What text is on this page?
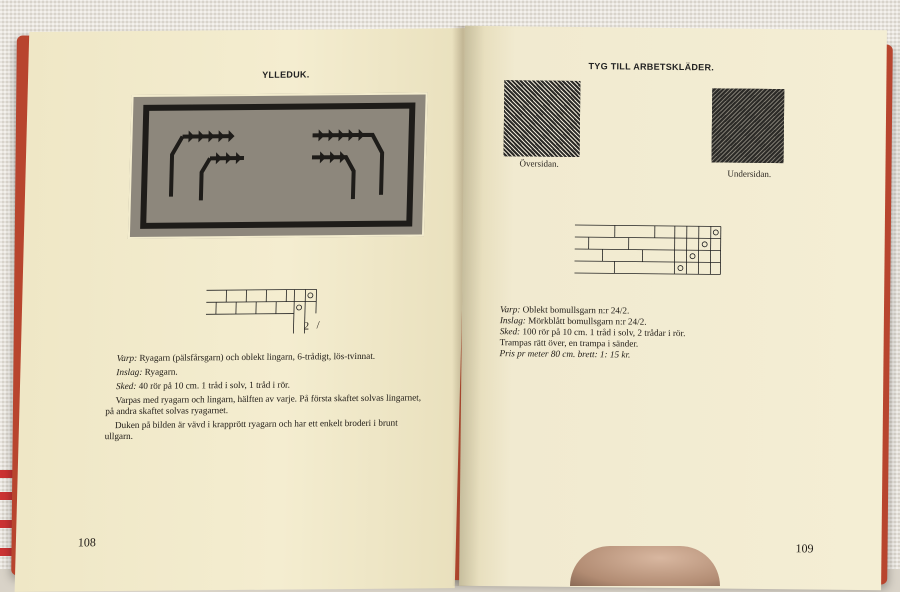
YLLEDUK.
2 /

Varp: Ryagarn (pälsfårsgarn) och oblekt lingarn, 6-trådigt, lös-tvinnat.

Inslag: Ryagarn.

Sked: 40 rör på 10 cm. 1 tråd i solv, 1 tråd i rör.

Varpas med ryagarn och lingarn, hälften av varje. På första skaftet solvas lingarnet, på andra skaftet solvas ryagarnet.

Duken på bilden är vävd i krapprött ryagarn och har ett enkelt broderi i brunt ullgarn.

108
TYG TILL ARBETSKLÄDER.
Översidan.
Undersidan.
Varp: Oblekt bomullsgarn n:r 24/2.
Inslag: Mörkblått bomullsgarn n:r 24/2.
Sked: 100 rör på 10 cm. 1 tråd i solv, 2 trådar i rör.
Trampas rätt över, en trampa i sänder.
Pris pr meter 80 cm. brett: 1: 15 kr.
109
